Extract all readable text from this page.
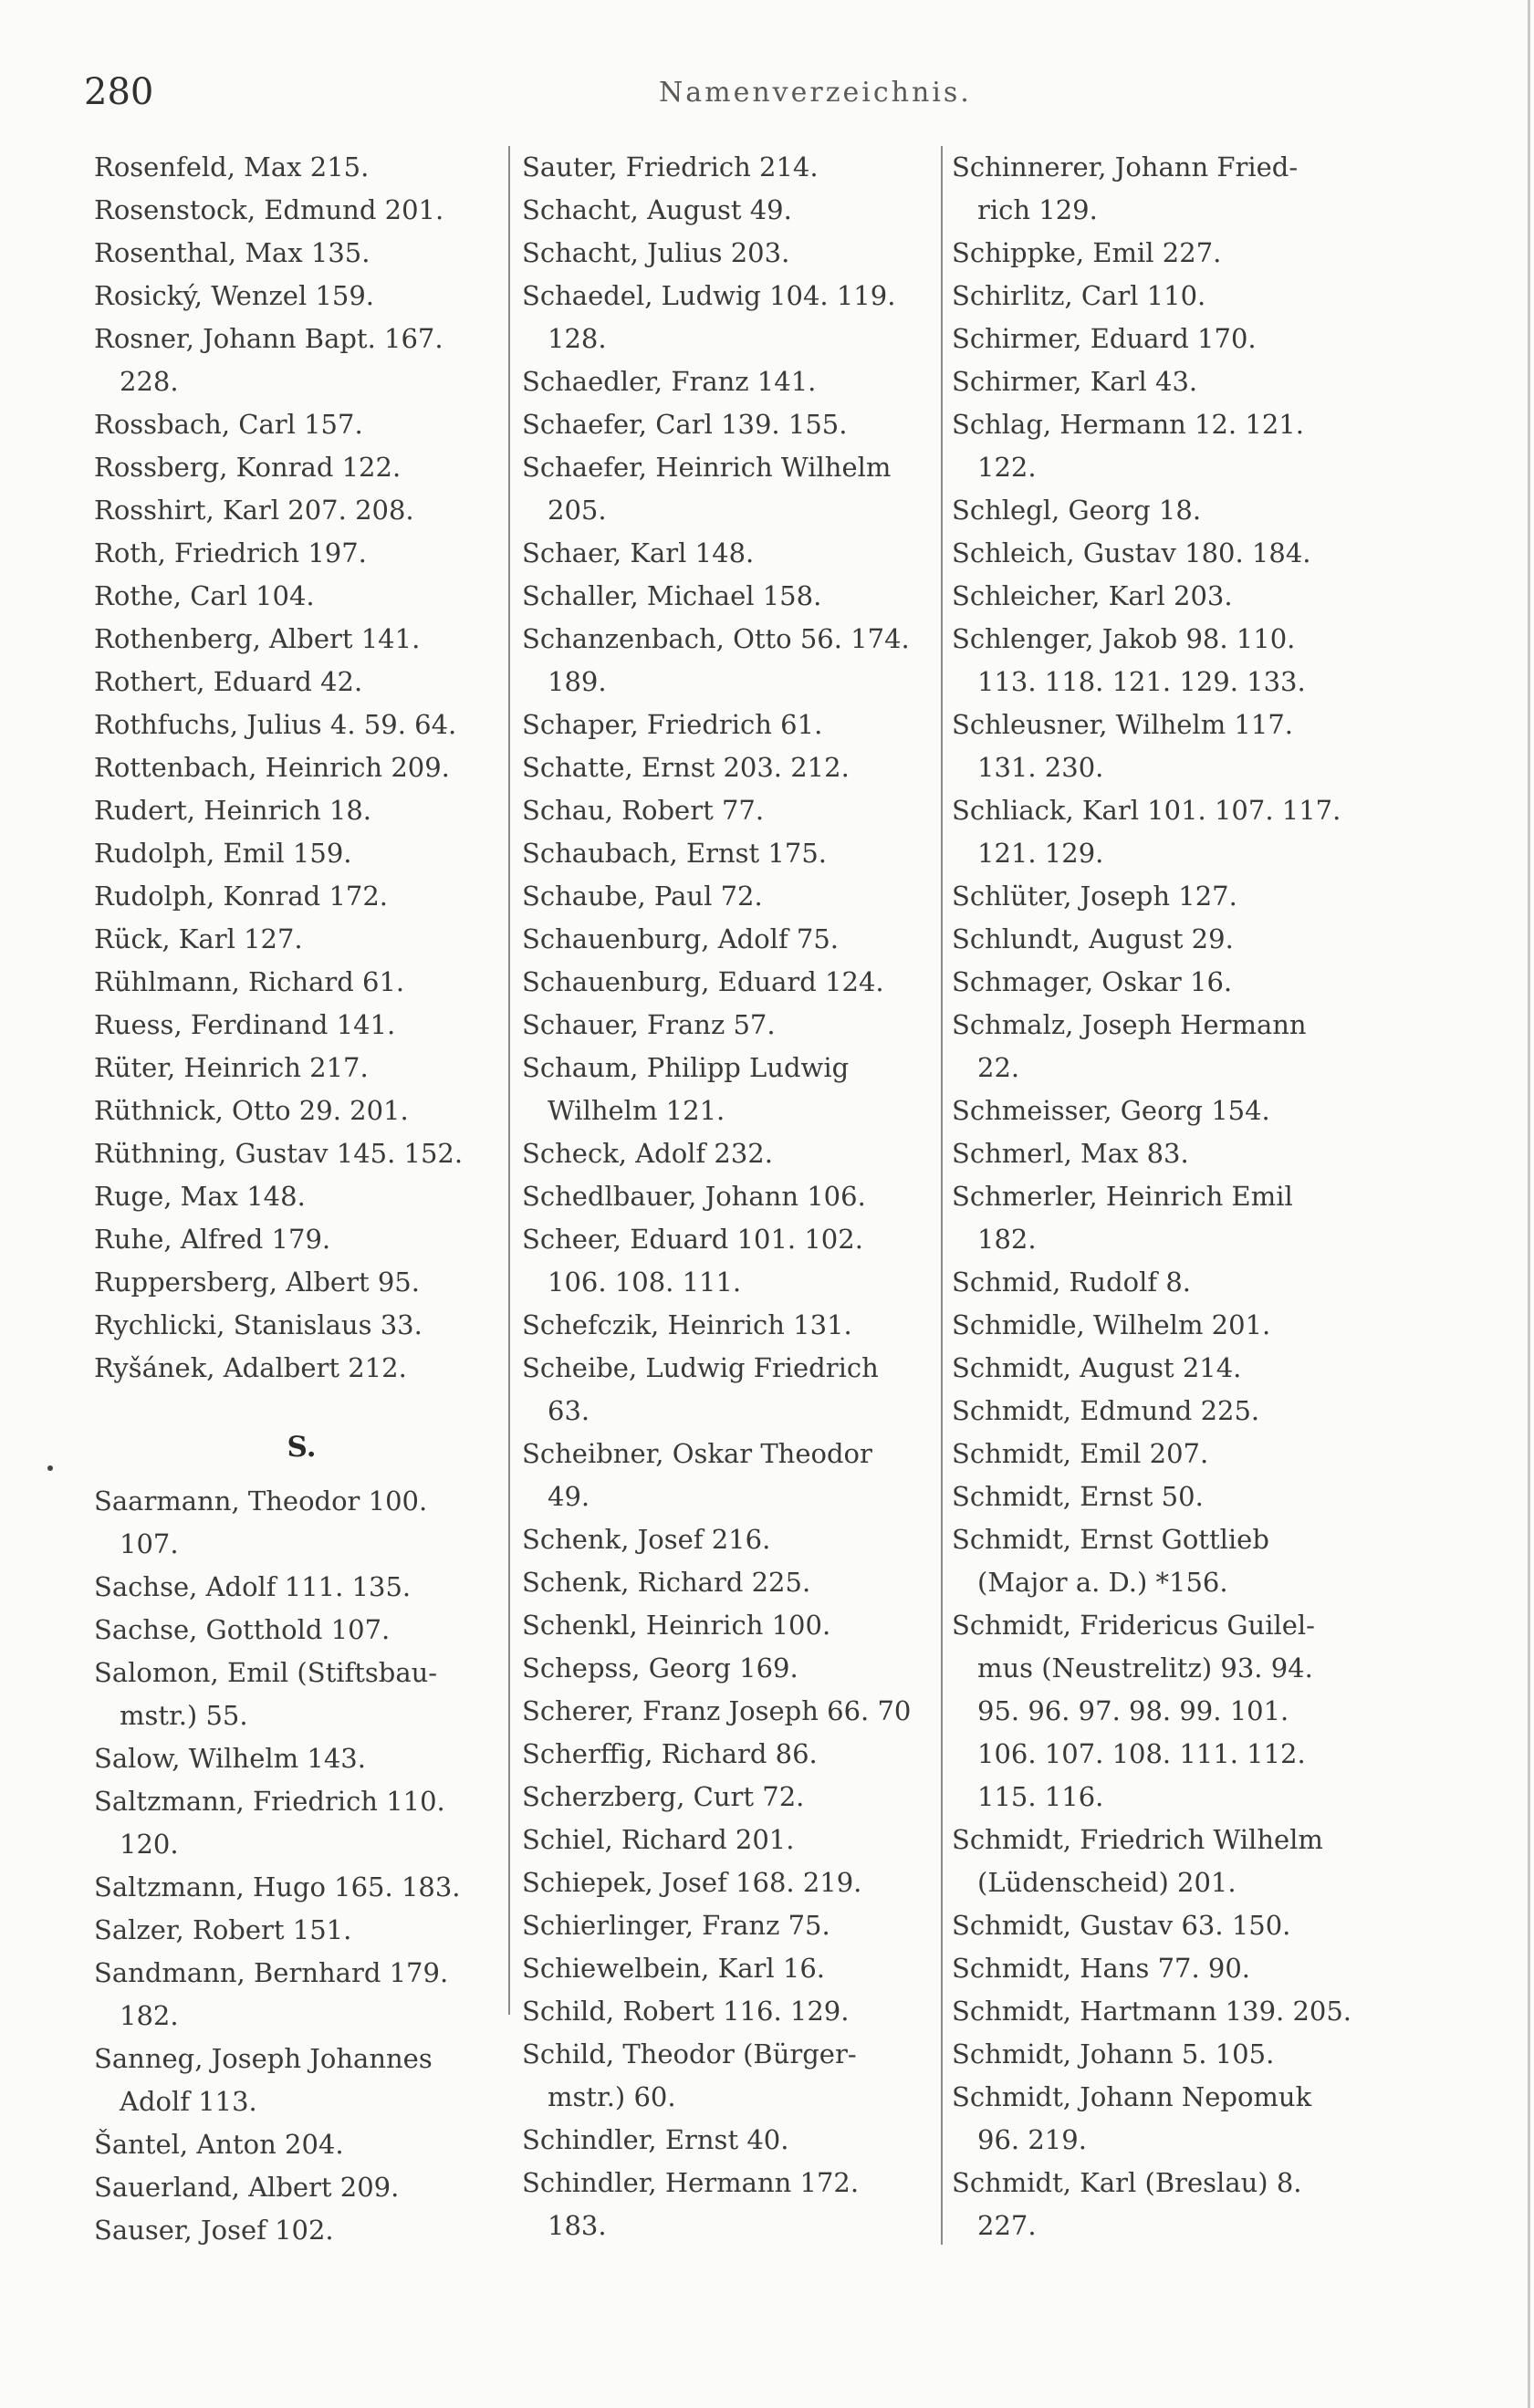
280	Namenverzeichnis.
Rosenfeld, Max 215.
Rosenstock, Edmund 201.
Rosenthal, Max 135.
Rosický, Wenzel 159.
Rosner, Johann Bapt. 167.
228.
Rossbach, Carl 157.
Rossberg, Konrad 122.
Rosshirt, Karl 207. 208.
Roth, Friedrich 197.
Rothe, Carl 104.
Rothenberg, Albert 141.
Rothert, Eduard 42.
Rothfuchs, Julius 4. 59. 64.
Rottenbach, Heinrich 209.
Rudert, Heinrich 18.
Rudolph, Emil 159.
Rudolph, Konrad 172.
Rück, Karl 127.
Rühlmann, Richard 61.
Ruess, Ferdinand 141.
Rüter, Heinrich 217.
Rüthnick, Otto 29. 201.
Rüthning, Gustav 145. 152.
Ruge, Max 148.
Ruhe, Alfred 179.
Ruppersberg, Albert 95.
Rychlicki, Stanislaus 33.
Ryšánek, Adalbert 212.
S.
Saarmann, Theodor 100.
107.
Sachse, Adolf 111. 135.
Sachse, Gotthold 107.
Salomon, Emil (Stiftsbau-
mstr.) 55.
Salow, Wilhelm 143.
Saltzmann, Friedrich 110.
120.
Saltzmann, Hugo 165. 183.
Salzer, Robert 151.
Sandmann, Bernhard 179.
182.
Sanneg, Joseph Johannes
Adolf 113.
Šantel, Anton 204.
Sauerland, Albert 209.
Sauser, Josef 102.
Sauter, Friedrich 214.
Schacht, August 49.
Schacht, Julius 203.
Schaedel, Ludwig 104. 119.
128.
Schaedler, Franz 141.
Schaefer, Carl 139. 155.
Schaefer, Heinrich Wilhelm
205.
Schaer, Karl 148.
Schaller, Michael 158.
Schanzenbach, Otto 56. 174.
189.
Schaper, Friedrich 61.
Schatte, Ernst 203. 212.
Schau, Robert 77.
Schaubach, Ernst 175.
Schaube, Paul 72.
Schauenburg, Adolf 75.
Schauenburg, Eduard 124.
Schauer, Franz 57.
Schaum, Philipp Ludwig
Wilhelm 121.
Scheck, Adolf 232.
Schedlbauer, Johann 106.
Scheer, Eduard 101. 102.
106. 108. 111.
Schefczik, Heinrich 131.
Scheibe, Ludwig Friedrich
63.
Scheibner, Oskar Theodor
49.
Schenk, Josef 216.
Schenk, Richard 225.
Schenkl, Heinrich 100.
Schepss, Georg 169.
Scherer, Franz Joseph 66. 70
Scherffig, Richard 86.
Scherzberg, Curt 72.
Schiel, Richard 201.
Schiepek, Josef 168. 219.
Schierlinger, Franz 75.
Schiewelbein, Karl 16.
Schild, Robert 116. 129.
Schild, Theodor (Bürger-
mstr.) 60.
Schindler, Ernst 40.
Schindler, Hermann 172.
183.
Schinnerer, Johann Fried-
rich 129.
Schippke, Emil 227.
Schirlitz, Carl 110.
Schirmer, Eduard 170.
Schirmer, Karl 43.
Schlag, Hermann 12. 121.
122.
Schlegl, Georg 18.
Schleich, Gustav 180. 184.
Schleicher, Karl 203.
Schlenger, Jakob 98. 110.
113. 118. 121. 129. 133.
Schleusner, Wilhelm 117.
131. 230.
Schliack, Karl 101. 107. 117.
121. 129.
Schlüter, Joseph 127.
Schlundt, August 29.
Schmager, Oskar 16.
Schmalz, Joseph Hermann
22.
Schmeisser, Georg 154.
Schmerl, Max 83.
Schmerler, Heinrich Emil
182.
Schmid, Rudolf 8.
Schmidle, Wilhelm 201.
Schmidt, August 214.
Schmidt, Edmund 225.
Schmidt, Emil 207.
Schmidt, Ernst 50.
Schmidt, Ernst Gottlieb
(Major a. D.) *156.
Schmidt, Fridericus Guilel-
mus (Neustrelitz) 93. 94.
95. 96. 97. 98. 99. 101.
106. 107. 108. 111. 112.
115. 116.
Schmidt, Friedrich Wilhelm
(Lüdenscheid) 201.
Schmidt, Gustav 63. 150.
Schmidt, Hans 77. 90.
Schmidt, Hartmann 139. 205.
Schmidt, Johann 5. 105.
Schmidt, Johann Nepomuk
96. 219.
Schmidt, Karl (Breslau) 8.
227.
